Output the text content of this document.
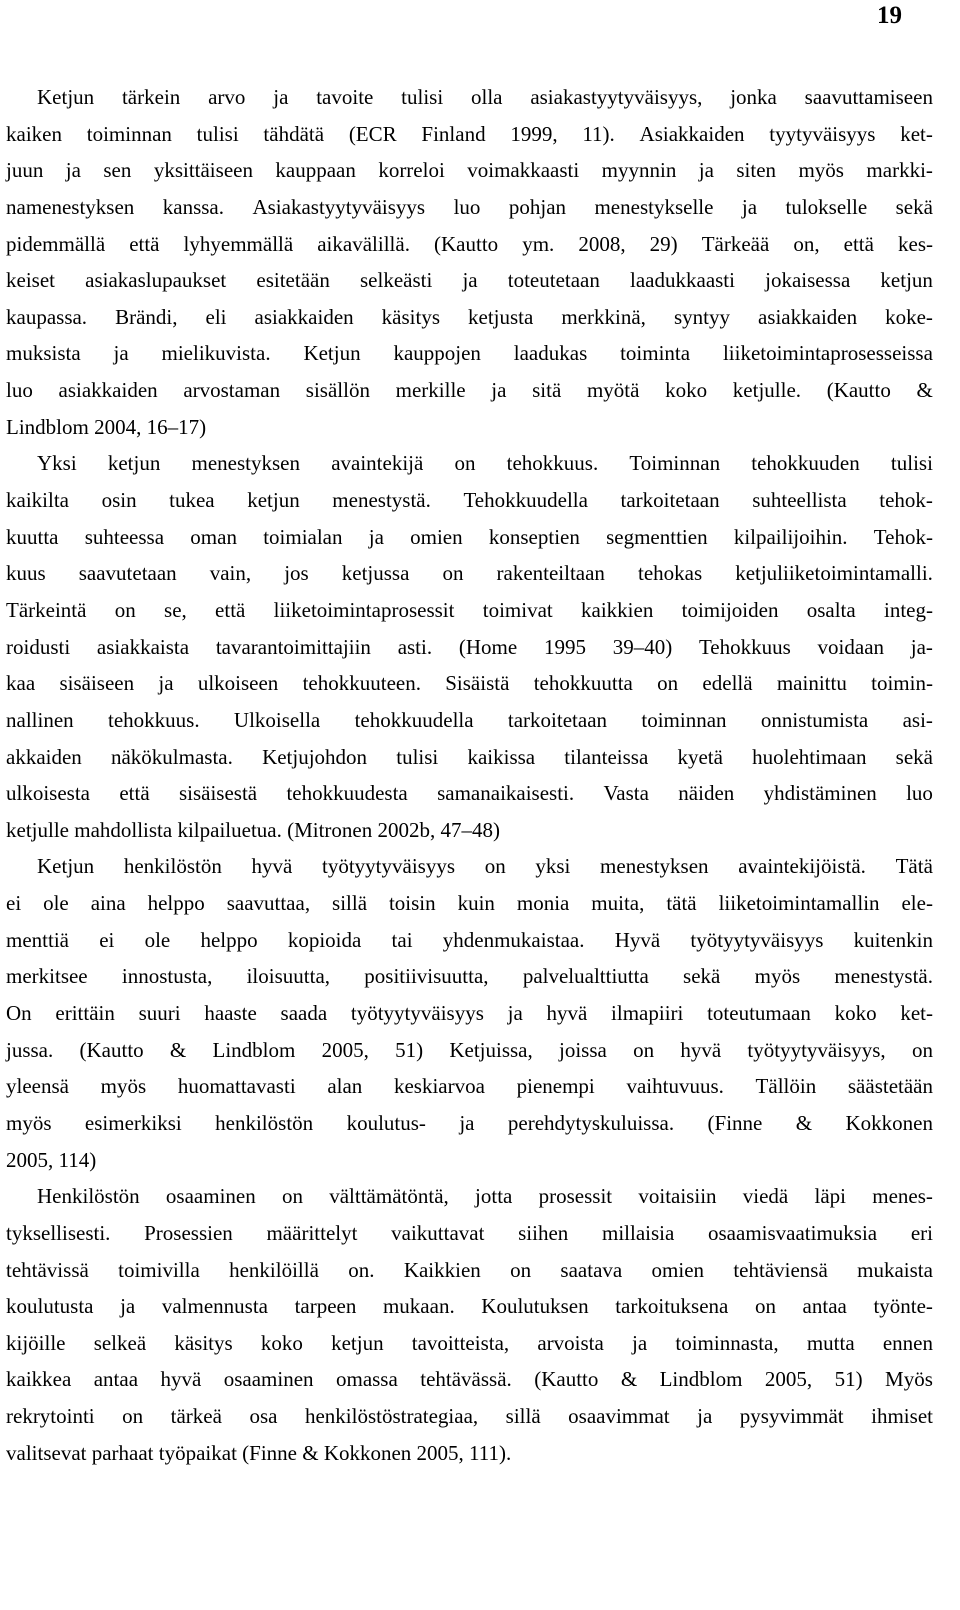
19
Ketjun tärkein arvo ja tavoite tulisi olla asiakastyytyväisyys, jonka saavuttamiseen
kaiken toiminnan tulisi tähdätä (ECR Finland 1999, 11). Asiakkaiden tyytyväisyys ket-
juun ja sen yksittäiseen kauppaan korreloi voimakkaasti myynnin ja siten myös markki-
namenestyksen kanssa. Asiakastyytyväisyys luo pohjan menestykselle ja tulokselle sekä
pidemmällä että lyhyemmällä aikavälillä. (Kautto ym. 2008, 29) Tärkeää on, että kes-
keiset asiakaslupaukset esitetään selkeästi ja toteutetaan laadukkaasti jokaisessa ketjun
kaupassa. Brändi, eli asiakkaiden käsitys ketjusta merkkinä, syntyy asiakkaiden koke-
muksista ja mielikuvista. Ketjun kauppojen laadukas toiminta liiketoimintaprosesseissa
luo asiakkaiden arvostaman sisällön merkille ja sitä myötä koko ketjulle. (Kautto &
Lindblom 2004, 16–17)
Yksi ketjun menestyksen avaintekijä on tehokkuus. Toiminnan tehokkuuden tulisi
kaikilta osin tukea ketjun menestystä. Tehokkuudella tarkoitetaan suhteellista tehok-
kuutta suhteessa oman toimialan ja omien konseptien segmenttien kilpailijoihin. Tehok-
kuus saavutetaan vain, jos ketjussa on rakenteiltaan tehokas ketjuliiketoimintamalli.
Tärkeintä on se, että liiketoimintaprosessit toimivat kaikkien toimijoiden osalta integ-
roidusti asiakkaista tavarantoimittajiin asti. (Home 1995 39–40) Tehokkuus voidaan ja-
kaa sisäiseen ja ulkoiseen tehokkuuteen. Sisäistä tehokkuutta on edellä mainittu toimin-
nallinen tehokkuus. Ulkoisella tehokkuudella tarkoitetaan toiminnan onnistumista asi-
akkaiden näkökulmasta. Ketjujohdon tulisi kaikissa tilanteissa kyetä huolehtimaan sekä
ulkoisesta että sisäisestä tehokkuudesta samanaikaisesti. Vasta näiden yhdistäminen luo
ketjulle mahdollista kilpailuetua. (Mitronen 2002b, 47–48)
Ketjun henkilöstön hyvä työtyytyväisyys on yksi menestyksen avaintekijöistä. Tätä
ei ole aina helppo saavuttaa, sillä toisin kuin monia muita, tätä liiketoimintamallin ele-
menttiä ei ole helppo kopioida tai yhdenmukaistaa. Hyvä työtyytyväisyys kuitenkin
merkitsee innostusta, iloisuutta, positiivisuutta, palvelualttiutta sekä myös menestystä.
On erittäin suuri haaste saada työtyytyväisyys ja hyvä ilmapiiri toteutumaan koko ket-
jussa. (Kautto & Lindblom 2005, 51) Ketjuissa, joissa on hyvä työtyytyväisyys, on
yleensä myös huomattavasti alan keskiarvoa pienempi vaihtuvuus. Tällöin säästetään
myös esimerkiksi henkilöstön koulutus- ja perehdytyskuluissa. (Finne & Kokkonen
2005, 114)
Henkilöstön osaaminen on välttämätöntä, jotta prosessit voitaisiin viedä läpi menes-
tyksellisesti. Prosessien määrittelyt vaikuttavat siihen millaisia osaamisvaatimuksia eri
tehtävissä toimivilla henkilöillä on. Kaikkien on saatava omien tehtäviensä mukaista
koulutusta ja valmennusta tarpeen mukaan. Koulutuksen tarkoituksena on antaa työnte-
kijöille selkeä käsitys koko ketjun tavoitteista, arvoista ja toiminnasta, mutta ennen
kaikkea antaa hyvä osaaminen omassa tehtävässä. (Kautto & Lindblom 2005, 51) Myös
rekrytointi on tärkeä osa henkilöstöstrategiaa, sillä osaavimmat ja pysyvimmät ihmiset
valitsevat parhaat työpaikat (Finne & Kokkonen 2005, 111).
